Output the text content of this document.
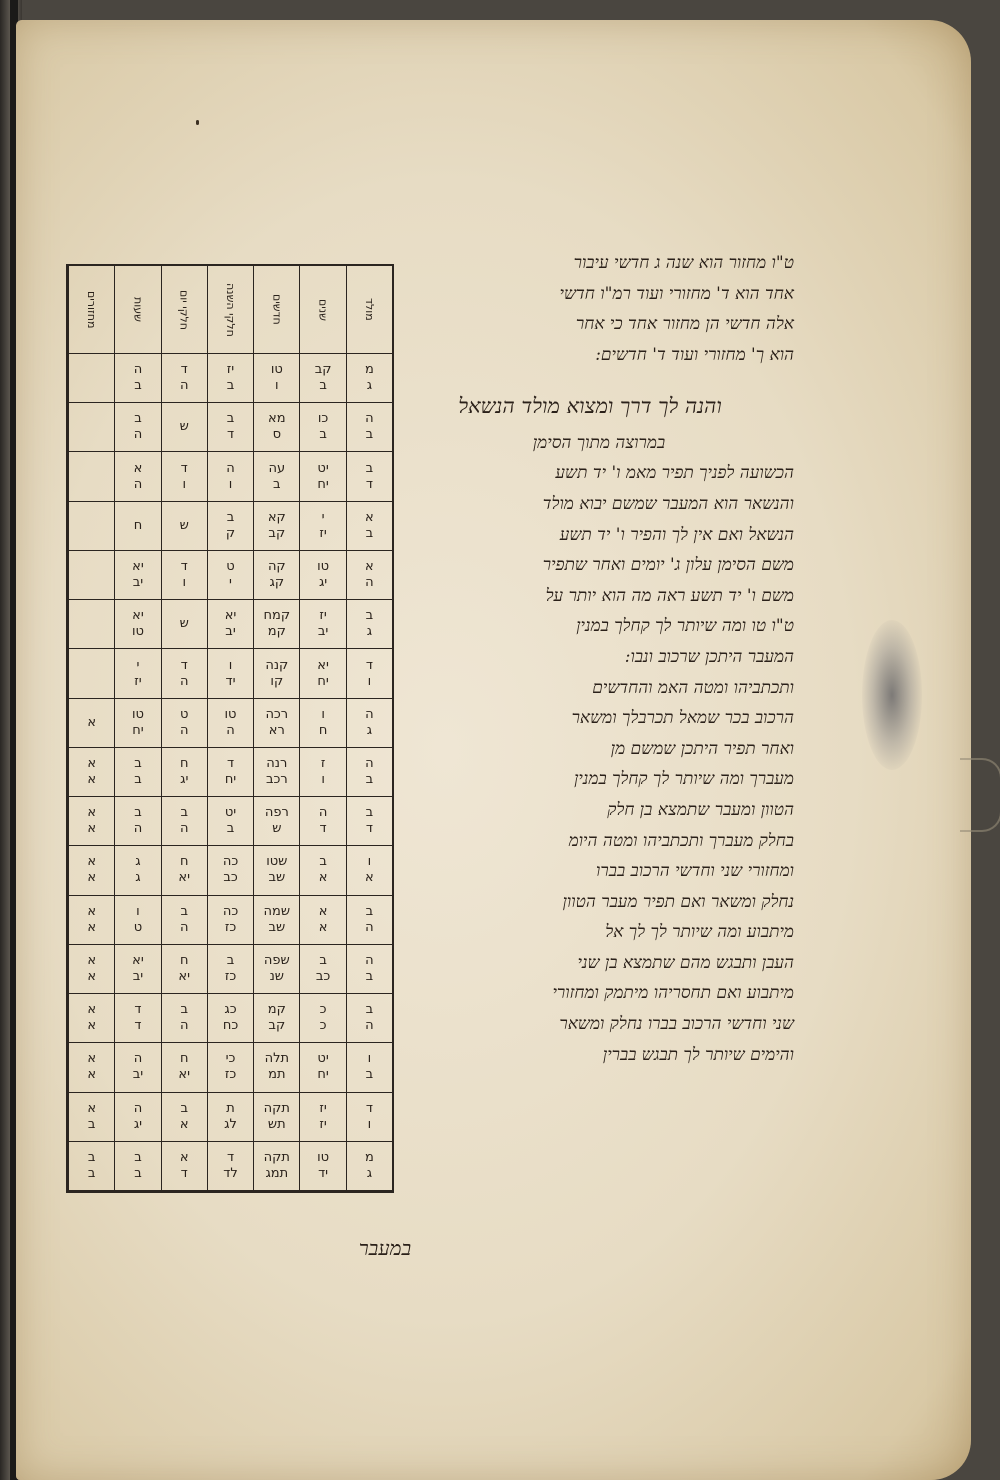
מולד
שנים
חדשים
חלקי השנה
חלקי יום
שעות
מחזורים
מ
ג
קב
ב
טו
ו
יז
ב
ד
ה
ה
ב
ה
ב
כו
ב
מא
ס
ב
ד
ש
ב
ה
ב
ד
יט
יח
עה
ב
ה
ו
ד
ו
א
ה
א
ב
י
יז
קא
קב
ב
ק
ש
ח
א
ה
טו
יג
קה
קג
ט
י
ד
ו
יא
יב
ב
ג
יז
יב
קמח
קמ
יא
יב
ש
יא
טו
ד
ו
יא
יח
קנה
קו
ו
יד
ד
ה
י
יז
ה
ג
ו
ח
רכה
רא
טו
ה
ט
ה
טו
יח
א
ה
ב
ז
ו
רנה
רכב
ד
יח
ח
יג
ב
ב
א
א
ב
ד
ה
ד
רפה
ש
יט
ב
ב
ה
ב
ה
א
א
ו
א
ב
א
שטו
שב
כה
כב
ח
יא
ג
ג
א
א
ב
ה
א
א
שמה
שב
כה
כז
ב
ה
ו
ט
א
א
ה
ב
ב
כב
שפה
שנ
ב
כז
ח
יא
יא
יב
א
א
ב
ה
כ
כ
קמ
קב
כג
כח
ב
ה
ד
ד
א
א
ו
ב
יט
יח
תלה
תמ
כי
כז
ח
יא
ה
יב
א
א
ד
ו
יז
יז
תקה
תש
ת
לג
ב
א
ה
יג
א
ב
מ
ג
טו
יד
תקה
תמג
ד
לד
א
ד
ב
ב
ב
ב
ט"ו מחזור הוא שנה ג חדשי עיבור
אחד הוא ד' מחזורי ועוד רמ"ו חדשי
אלה חדשי הן מחזור אחד כי אחר
הוא ך' מחזורי ועוד ד' חדשים:
והנה לך דרך ומצוא מולד הנשאל
במרוצה מתוך הסימן
הכשועה לפניך תפיר מאמ ו' יד תשע
והנשאר הוא המעבר שמשם יבוא מולד
הנשאל ואם אין לך והפיר ו' יד תשע
משם הסימן עלון ג' יומים ואחר שתפיר
משם ו' יד תשע ראה מה הוא יותר על
ט"ו טו ומה שיותר לך קחלך במנין
המעבר היתכן שרכוב ונבו:
ותכתביהו ומטה האמ והחדשים
הרכוב בכר שמאל תכרבלך ומשאר
ואחר תפיר היתכן שמשם מן
מעברך ומה שיותר לך קחלך במנין
הטוון ומעבר שתמצא בן חלק
בחלק מעברך ותכתביהו ומטה היומ
ומחזורי שני וחדשי הרכוב בברו
נחלק ומשאר ואם תפיר מעבר הטוון
מיתבוע ומה שיותר לך לך אל
העבן ותבגש מהם שתמצא בן שני
מיתבוע ואם תחסריהו מיתמק ומחזורי
שני וחדשי הרכוב בברו נחלק ומשאר
והימים שיותר לך תבגש בברין
במעבר
